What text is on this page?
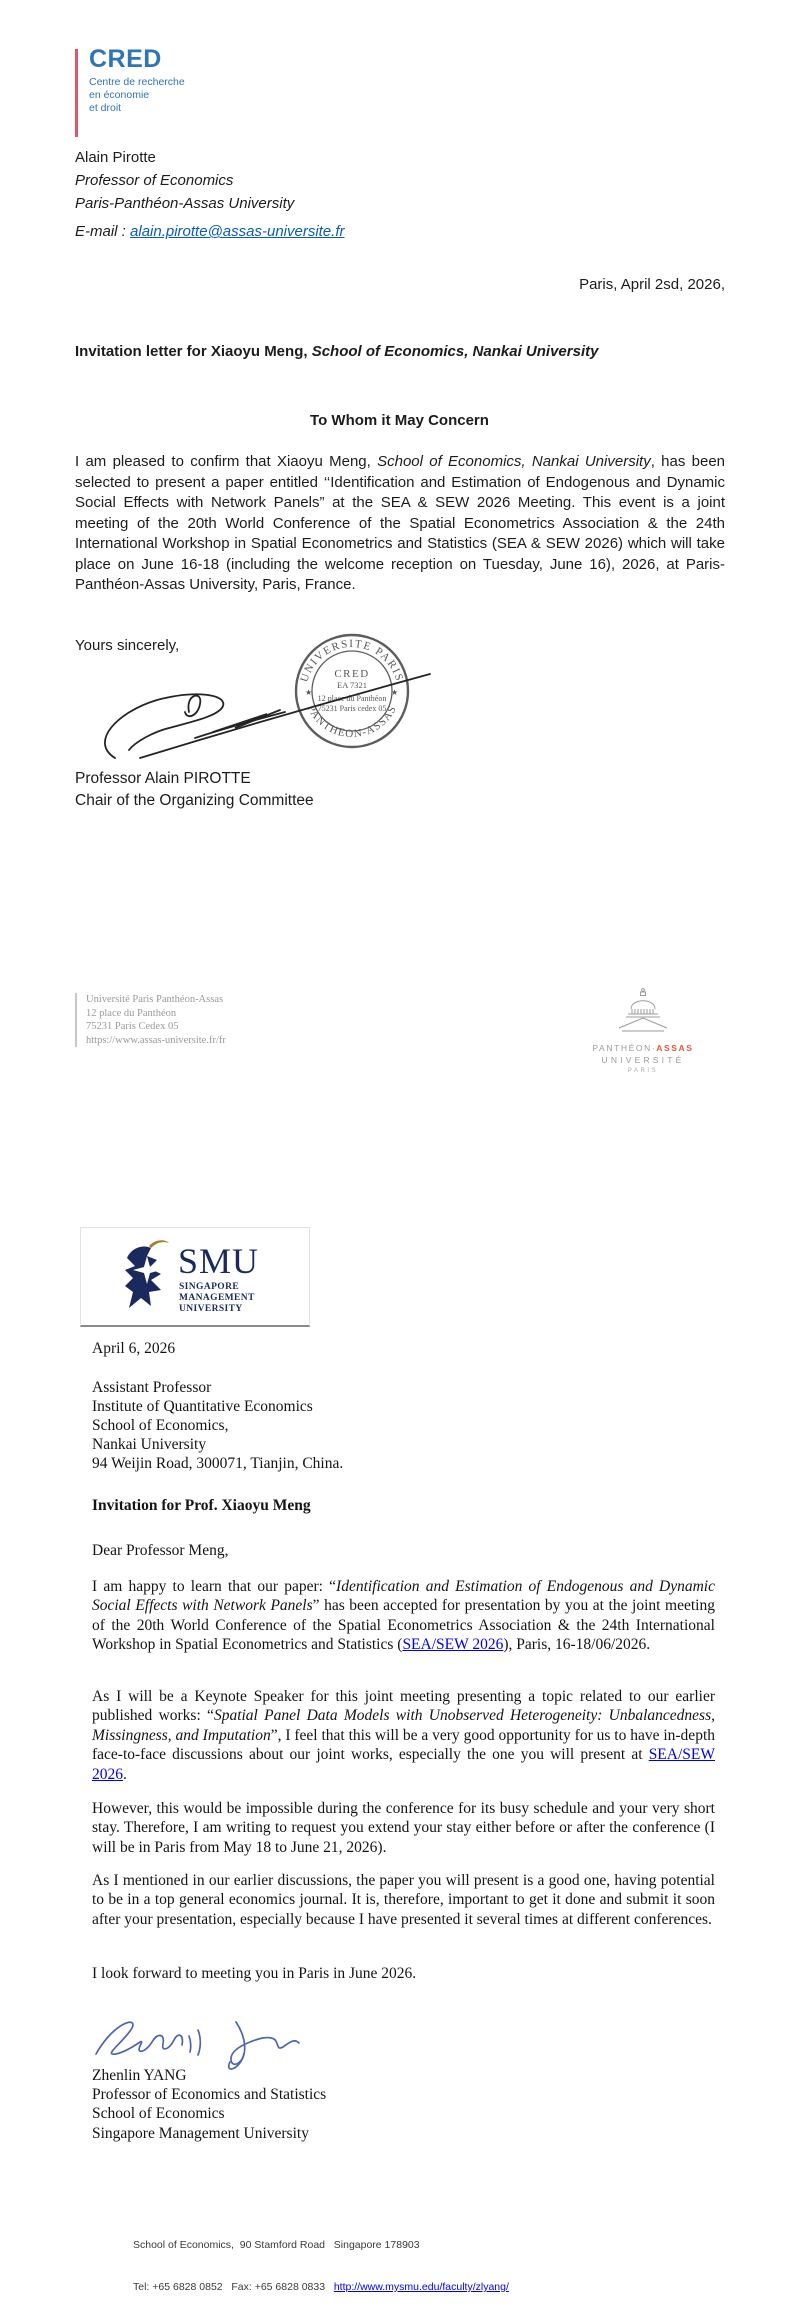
CRED
Centre de recherche
en économie
et droit
Alain Pirotte
Professor of Economics
Paris-Panthéon-Assas University
E-mail : alain.pirotte@assas-universite.fr
Paris, April 2sd, 2026,
Invitation letter for Xiaoyu Meng, School of Economics, Nankai University
To Whom it May Concern
I am pleased to confirm that Xiaoyu Meng, School of Economics, Nankai University, has been selected to present a paper entitled ‘‘Identification and Estimation of Endogenous and Dynamic Social Effects with Network Panels” at the SEA & SEW 2026 Meeting. This event is a joint meeting of the 20th World Conference of the Spatial Econometrics Association & the 24th International Workshop in Spatial Econometrics and Statistics (SEA & SEW 2026) which will take place on June 16-18 (including the welcome reception on Tuesday, June 16), 2026, at Paris-Panthéon-Assas University, Paris, France.
Yours sincerely,
UNIVERSITE PARIS
PANTHEON-ASSAS
★	★
CRED
EA 7321
12 place du Panthéon
75231 Paris cedex 05
Professor Alain PIROTTE
Chair of the Organizing Committee
Université Paris Panthéon-Assas
12 place du Panthéon
75231 Paris Cedex 05
https://www.assas-universite.fr/fr
PANTHÉON·ASSAS
UNIVERSITÉ
PARIS
SMU
SINGAPORE MANAGEMENT
UNIVERSITY
April 6, 2026
Assistant Professor
Institute of Quantitative Economics
School of Economics,
Nankai University
94 Weijin Road, 300071, Tianjin, China.
Invitation for Prof. Xiaoyu Meng
Dear Professor Meng,
I am happy to learn that our paper: “Identification and Estimation of Endogenous and Dynamic Social Effects with Network Panels” has been accepted for presentation by you at the joint meeting of the 20th World Conference of the Spatial Econometrics Association & the 24th International Workshop in Spatial Econometrics and Statistics (SEA/SEW 2026), Paris, 16-18/06/2026.
As I will be a Keynote Speaker for this joint meeting presenting a topic related to our earlier published works: “Spatial Panel Data Models with Unobserved Heterogeneity: Unbalancedness, Missingness, and Imputation”, I feel that this will be a very good opportunity for us to have in-depth face-to-face discussions about our joint works, especially the one you will present at SEA/SEW 2026.
However, this would be impossible during the conference for its busy schedule and your very short stay. Therefore, I am writing to request you extend your stay either before or after the conference (I will be in Paris from May 18 to June 21, 2026).
As I mentioned in our earlier discussions, the paper you will present is a good one, having potential to be in a top general economics journal. It is, therefore, important to get it done and submit it soon after your presentation, especially because I have presented it several times at different conferences.
I look forward to meeting you in Paris in June 2026.
Zhenlin YANG
Professor of Economics and Statistics
School of Economics
Singapore Management University

School of Economics,  90 Stamford Road   Singapore 178903

Tel: +65 6828 0852   Fax: +65 6828 0833   http://www.mysmu.edu/faculty/zlyang/
